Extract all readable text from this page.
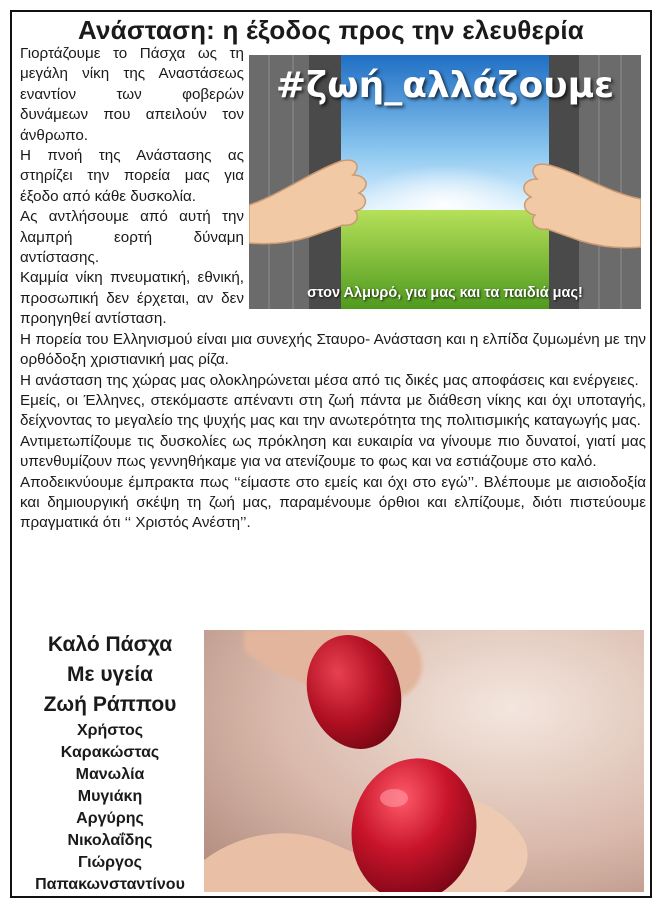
Ανάσταση: η έξοδος προς την ελευθερία

Γιορτάζουμε το Πάσχα ως τη μεγάλη νίκη της Αναστάσεως εναντίον των φοβερών δυνάμεων που απειλούν τον άνθρωπο.

Η πνοή της Ανάστασης ας στηρίζει την πορεία μας για έξοδο από κάθε δυσκολία.

Ας αντλήσουμε από αυτή την λαμπρή εορτή δύναμη αντίστασης.

Καμμία νίκη πνευματική, εθνική, προσωπική δεν έρχεται, αν δεν προηγηθεί αντίσταση.

Η πορεία του Ελληνισμού είναι μια συνεχής Σταυρο- Ανάσταση και η ελπίδα ζυμωμένη με την ορθόδοξη χριστιανική μας ρίζα.

Η ανάσταση της χώρας μας ολοκληρώνεται μέσα από τις δικές μας αποφάσεις και ενέργειες.

Εμείς, οι Έλληνες, στεκόμαστε απέναντι στη ζωή πάντα με διάθεση νίκης και όχι υποταγής, δείχνοντας το μεγαλείο της ψυχής μας και την ανωτερότητα της πολιτισμικής καταγωγής μας.

Αντιμετωπίζουμε τις δυσκολίες ως πρόκληση και ευκαιρία να γίνουμε πιο δυνατοί, γιατί μας υπενθυμίζουν πως γεννηθήκαμε για να ατενίζουμε το φως και να εστιάζουμε στο καλό.

Αποδεικνύουμε έμπρακτα πως ‘‘είμαστε στο εμείς και όχι στο εγώ’’. Βλέπουμε με αισιοδοξία και δημιουργική σκέψη τη ζωή μας, παραμένουμε όρθιοι και ελπίζουμε, διότι πιστεύουμε πραγματικά ότι ‘‘ Χριστός Ανέστη’’.

#ζωή_αλλάζουμε
στον Αλμυρό, για μας και τα παιδιά μας!
Καλό Πάσχα
Με υγεία
Ζωή Ράππου
Χρήστος
Καρακώστας
Μανωλία
Μυγιάκη
Αργύρης
Νικολαΐδης
Γιώργος
Παπακωνσταντίνου
